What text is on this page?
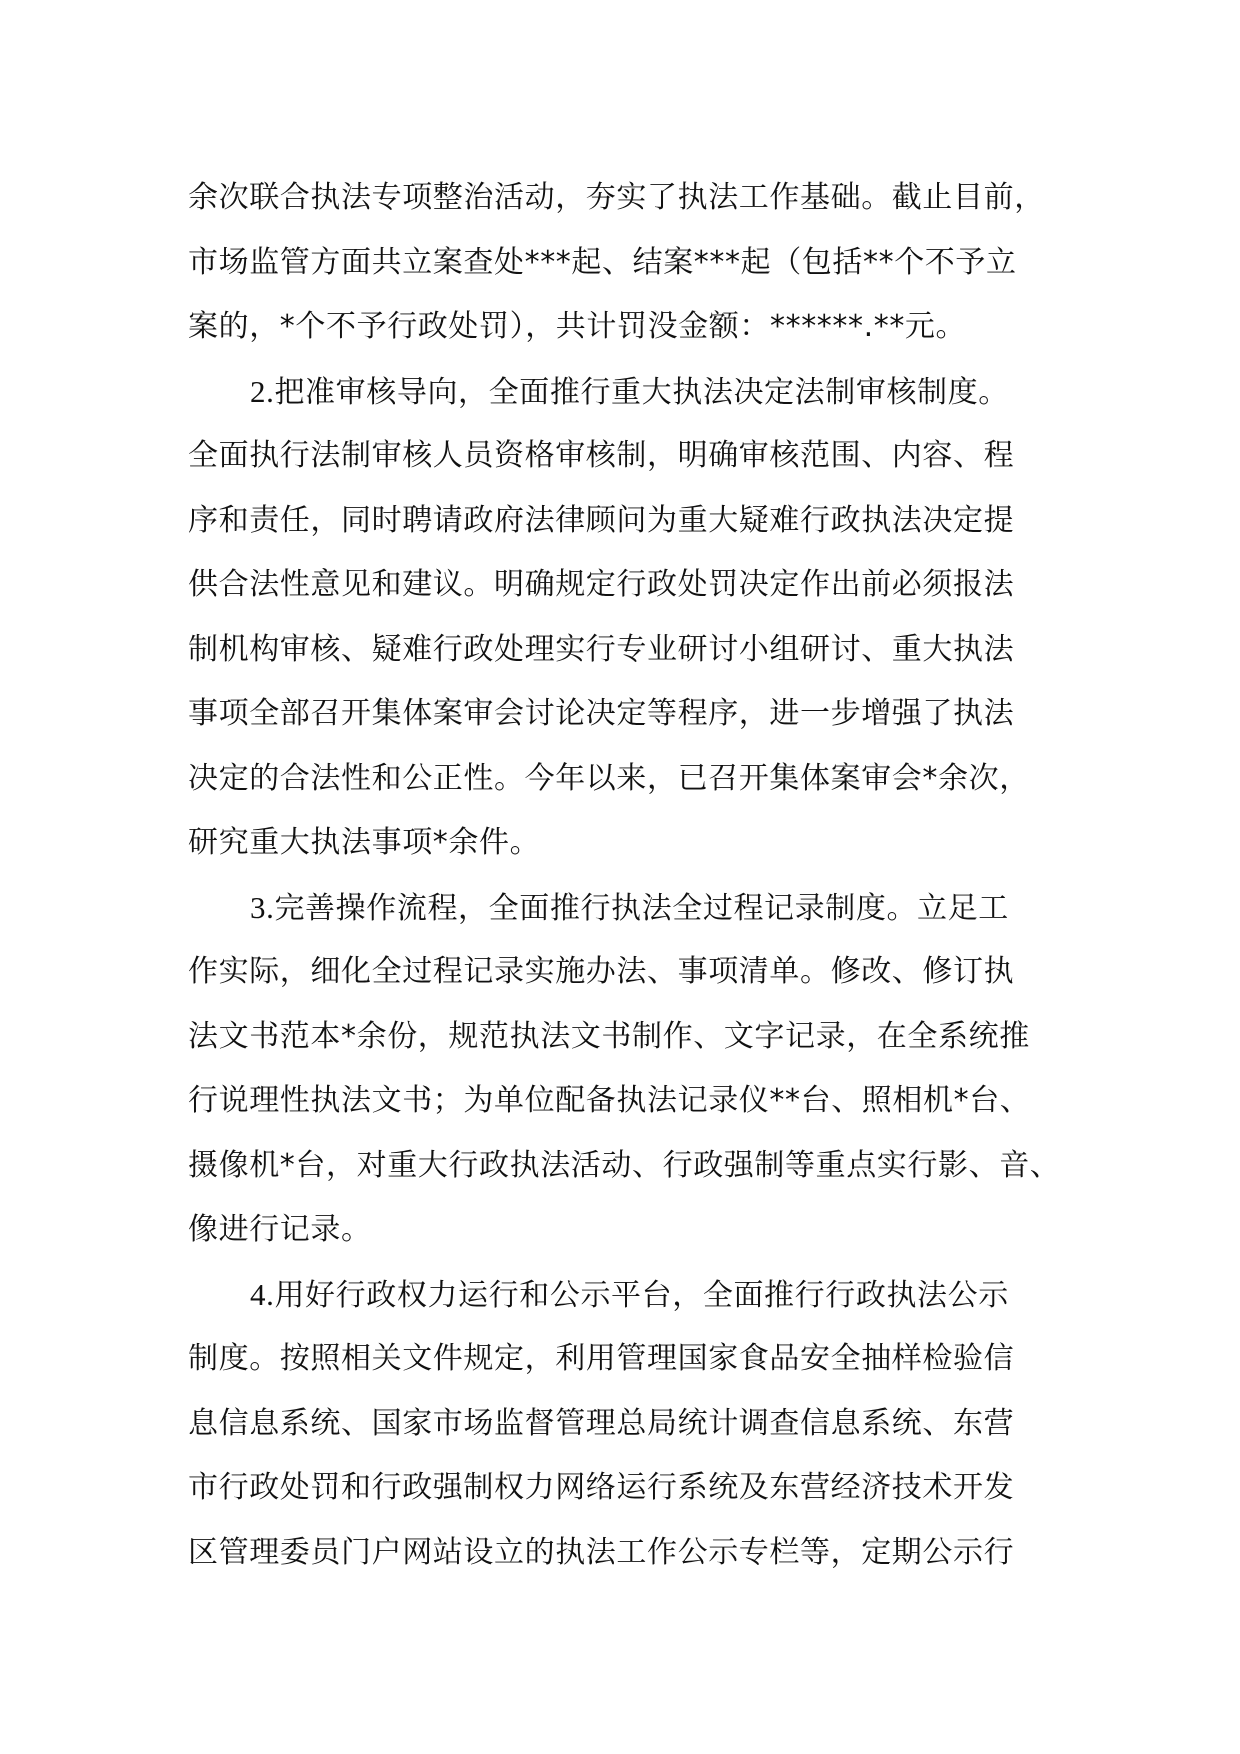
余次联合执法专项整治活动，夯实了执法工作基础。截止目前，
市场监管方面共立案查处***起、结案***起（包括**个不予立
案的，*个不予行政处罚），共计罚没金额：******.**元。
2.把准审核导向，全面推行重大执法决定法制审核制度。
全面执行法制审核人员资格审核制，明确审核范围、内容、程
序和责任，同时聘请政府法律顾问为重大疑难行政执法决定提
供合法性意见和建议。明确规定行政处罚决定作出前必须报法
制机构审核、疑难行政处理实行专业研讨小组研讨、重大执法
事项全部召开集体案审会讨论决定等程序，进一步增强了执法
决定的合法性和公正性。今年以来，已召开集体案审会*余次，
研究重大执法事项*余件。
3.完善操作流程，全面推行执法全过程记录制度。立足工
作实际，细化全过程记录实施办法、事项清单。修改、修订执
法文书范本*余份，规范执法文书制作、文字记录，在全系统推
行说理性执法文书；为单位配备执法记录仪**台、照相机*台、
摄像机*台，对重大行政执法活动、行政强制等重点实行影、音、
像进行记录。
4.用好行政权力运行和公示平台，全面推行行政执法公示
制度。按照相关文件规定，利用管理国家食品安全抽样检验信
息信息系统、国家市场监督管理总局统计调查信息系统、东营
市行政处罚和行政强制权力网络运行系统及东营经济技术开发
区管理委员门户网站设立的执法工作公示专栏等，定期公示行
